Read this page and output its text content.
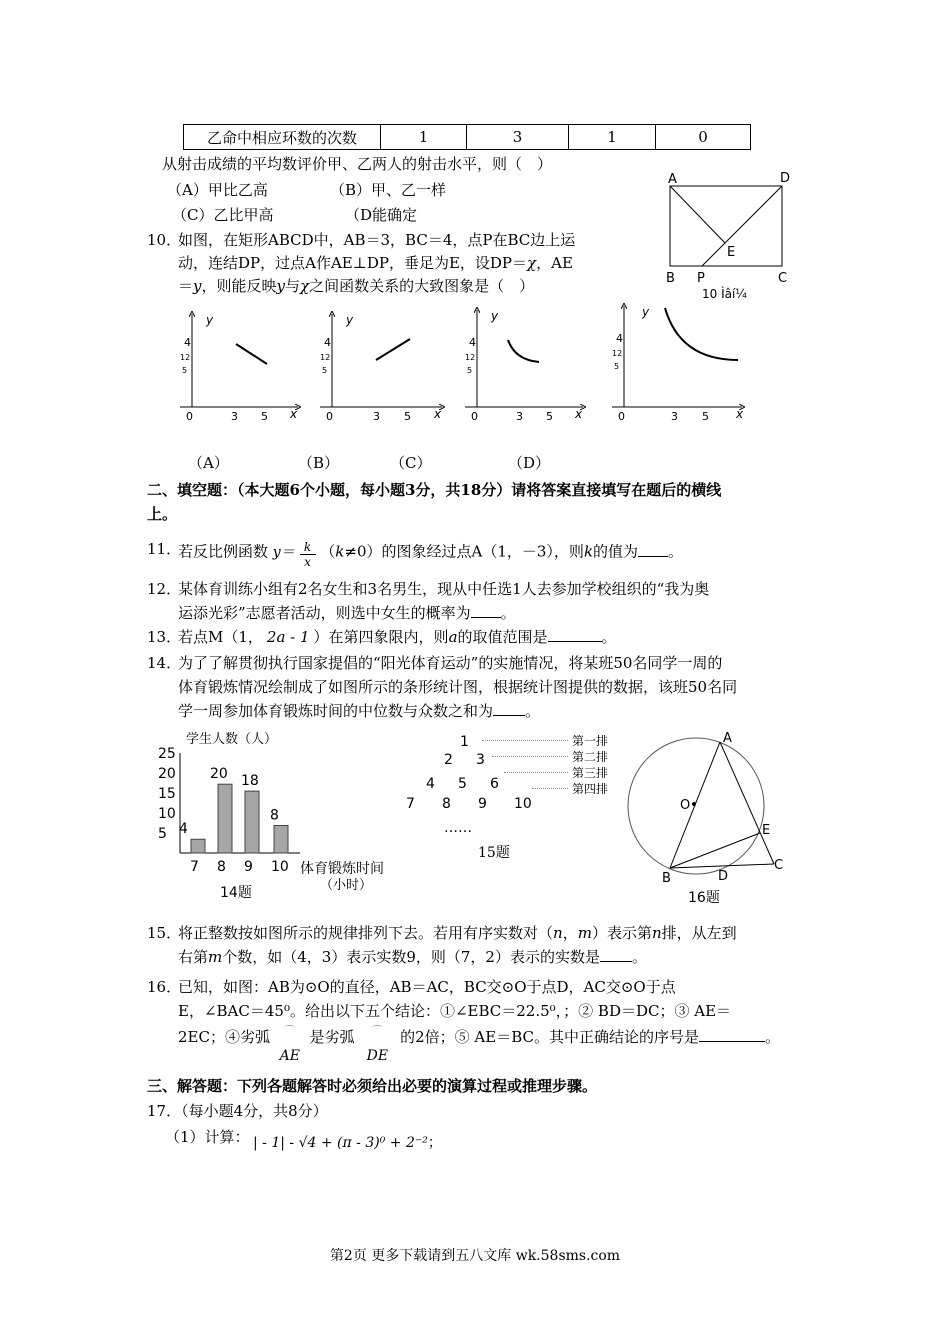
乙命中相应环数的次数	1	3	1	0
从射击成绩的平均数评价甲、乙两人的射击水平，则（　）
（A）甲比乙高	（B）甲、乙一样
（C）乙比甲高	（D能确定
10．
如图，在矩形ABCD中，AB＝3，BC＝4，点P在BC边上运
动，连结DP，过点A作AE⊥DP，垂足为E，设DP＝χ，AE
＝y，则能反映y与χ之间函数关系的大致图象是（　）
A	D
E
B P	C
10 Ìâí¼
y
x
4
12
5
0	3 5
y
x
4
12
5
0	3 5
y
x
4
12
5
0	3 5
y
x
4
12
5
0	3 5
（A）	（B）	（C）	（D）
二、填空题：（本大题6个小题，每小题3分，共18分）请将答案直接填写在题后的横线
上。
11．
若反比例函数 $y= \frac{k}{x} (k\ne 0)$的图象经过点A（1，－3），则k的值为 。
12．
某体育训练小组有2名女生和3名男生，现从中任选1人去参加学校组织的“我为奥
运添光彩”志愿者活动，则选中女生的概率为 。
13．
若点M（1， 2a - 1 ）在第四象限内，则a的取值范围是	。
14．
为了了解贯彻执行国家提倡的“阳光体育运动”的实施情况，将某班50名同学一周的
体育锻炼情况绘制成了如图所示的条形统计图，根据统计图提供的数据，该班50名同
学一周参加体育锻炼时间的中位数与众数之和为 。
学生人数（人）
25
20
15
10
5 4
7
20
8
18
9
8
10 体育锻炼时间
（小时）
14题
1
2 3
4 5 6
7 8 9 10
第一排
第二排
第三排
第四排
……
15题
A
O
E
C
B	D
16题
15．
将正整数按如图所示的规律排列下去。若用有序实数对（n，m）表示第n排，从左到
右第m个数，如（4，3）表示实数9，则（7，2）表示的实数是 。
16．
已知，如图：AB为⊙O的直径，AB＝AC，BC交⊙O于点D，AC交⊙O于点
E，∠BAC＝45⁰。给出以下五个结论：①∠EBC＝22.5⁰，；② BD＝DC；③ AE＝
2EC；④劣弧 ⌒
AE 是劣弧 ⌒
DE 的2倍；⑤ AE＝BC。其中正确结论的序号是	。
三、解答题：下列各题解答时必须给出必要的演算过程或推理步骤。
17．（每小题4分，共8分）
（1）计算： | - 1| - √4 + (π - 3)⁰ + 2⁻²；
第2页 更多下载请到五八文库 wk.58sms.com
